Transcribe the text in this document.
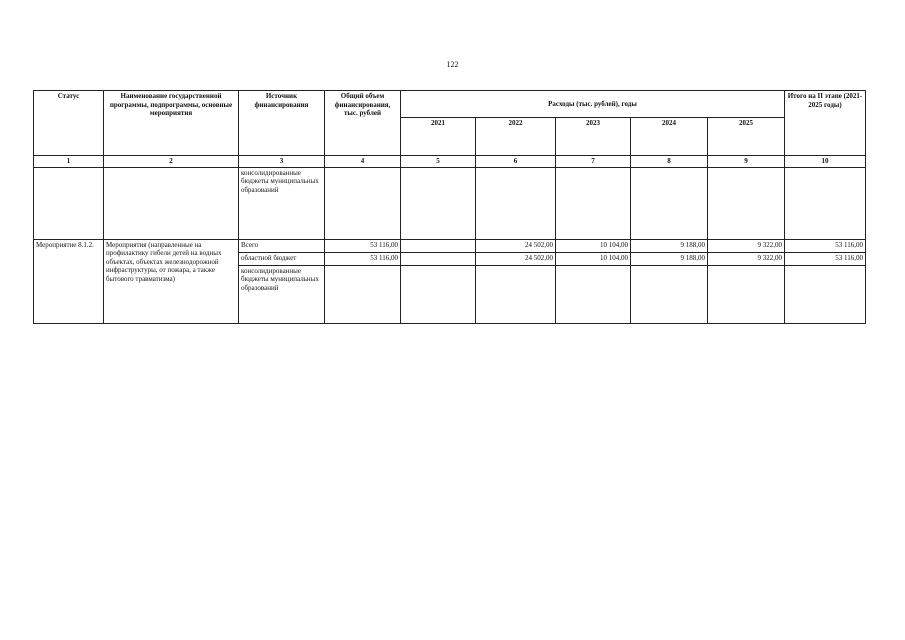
122
Статус	Наименование государственной программы, подпрограммы, основные мероприятия	Источник финансирования	Общий объем финансирования, тыс. рублей	Расходы (тыс. рублей), годы					Итого на II этапе (2021-2025 годы)
				2021	2022	2023	2024	2025	
1	2	3	4	5	6	7	8	9	10
		консолидированные бюджеты муниципальных образований							
Мероприятие 8.1.2.	Мероприятия (направленные на профилактику гибели детей на водных объектах, объектах железнодорожной инфраструктуры, от пожара, а также бытового травматизма)	Всего	53 116,00		24 502,00	10 104,00	9 188,00	9 322,00	53 116,00
		областной бюджет	53 116,00		24 502,00	10 104,00	9 188,00	9 322,00	53 116,00
		консолидированные бюджеты муниципальных образований							
